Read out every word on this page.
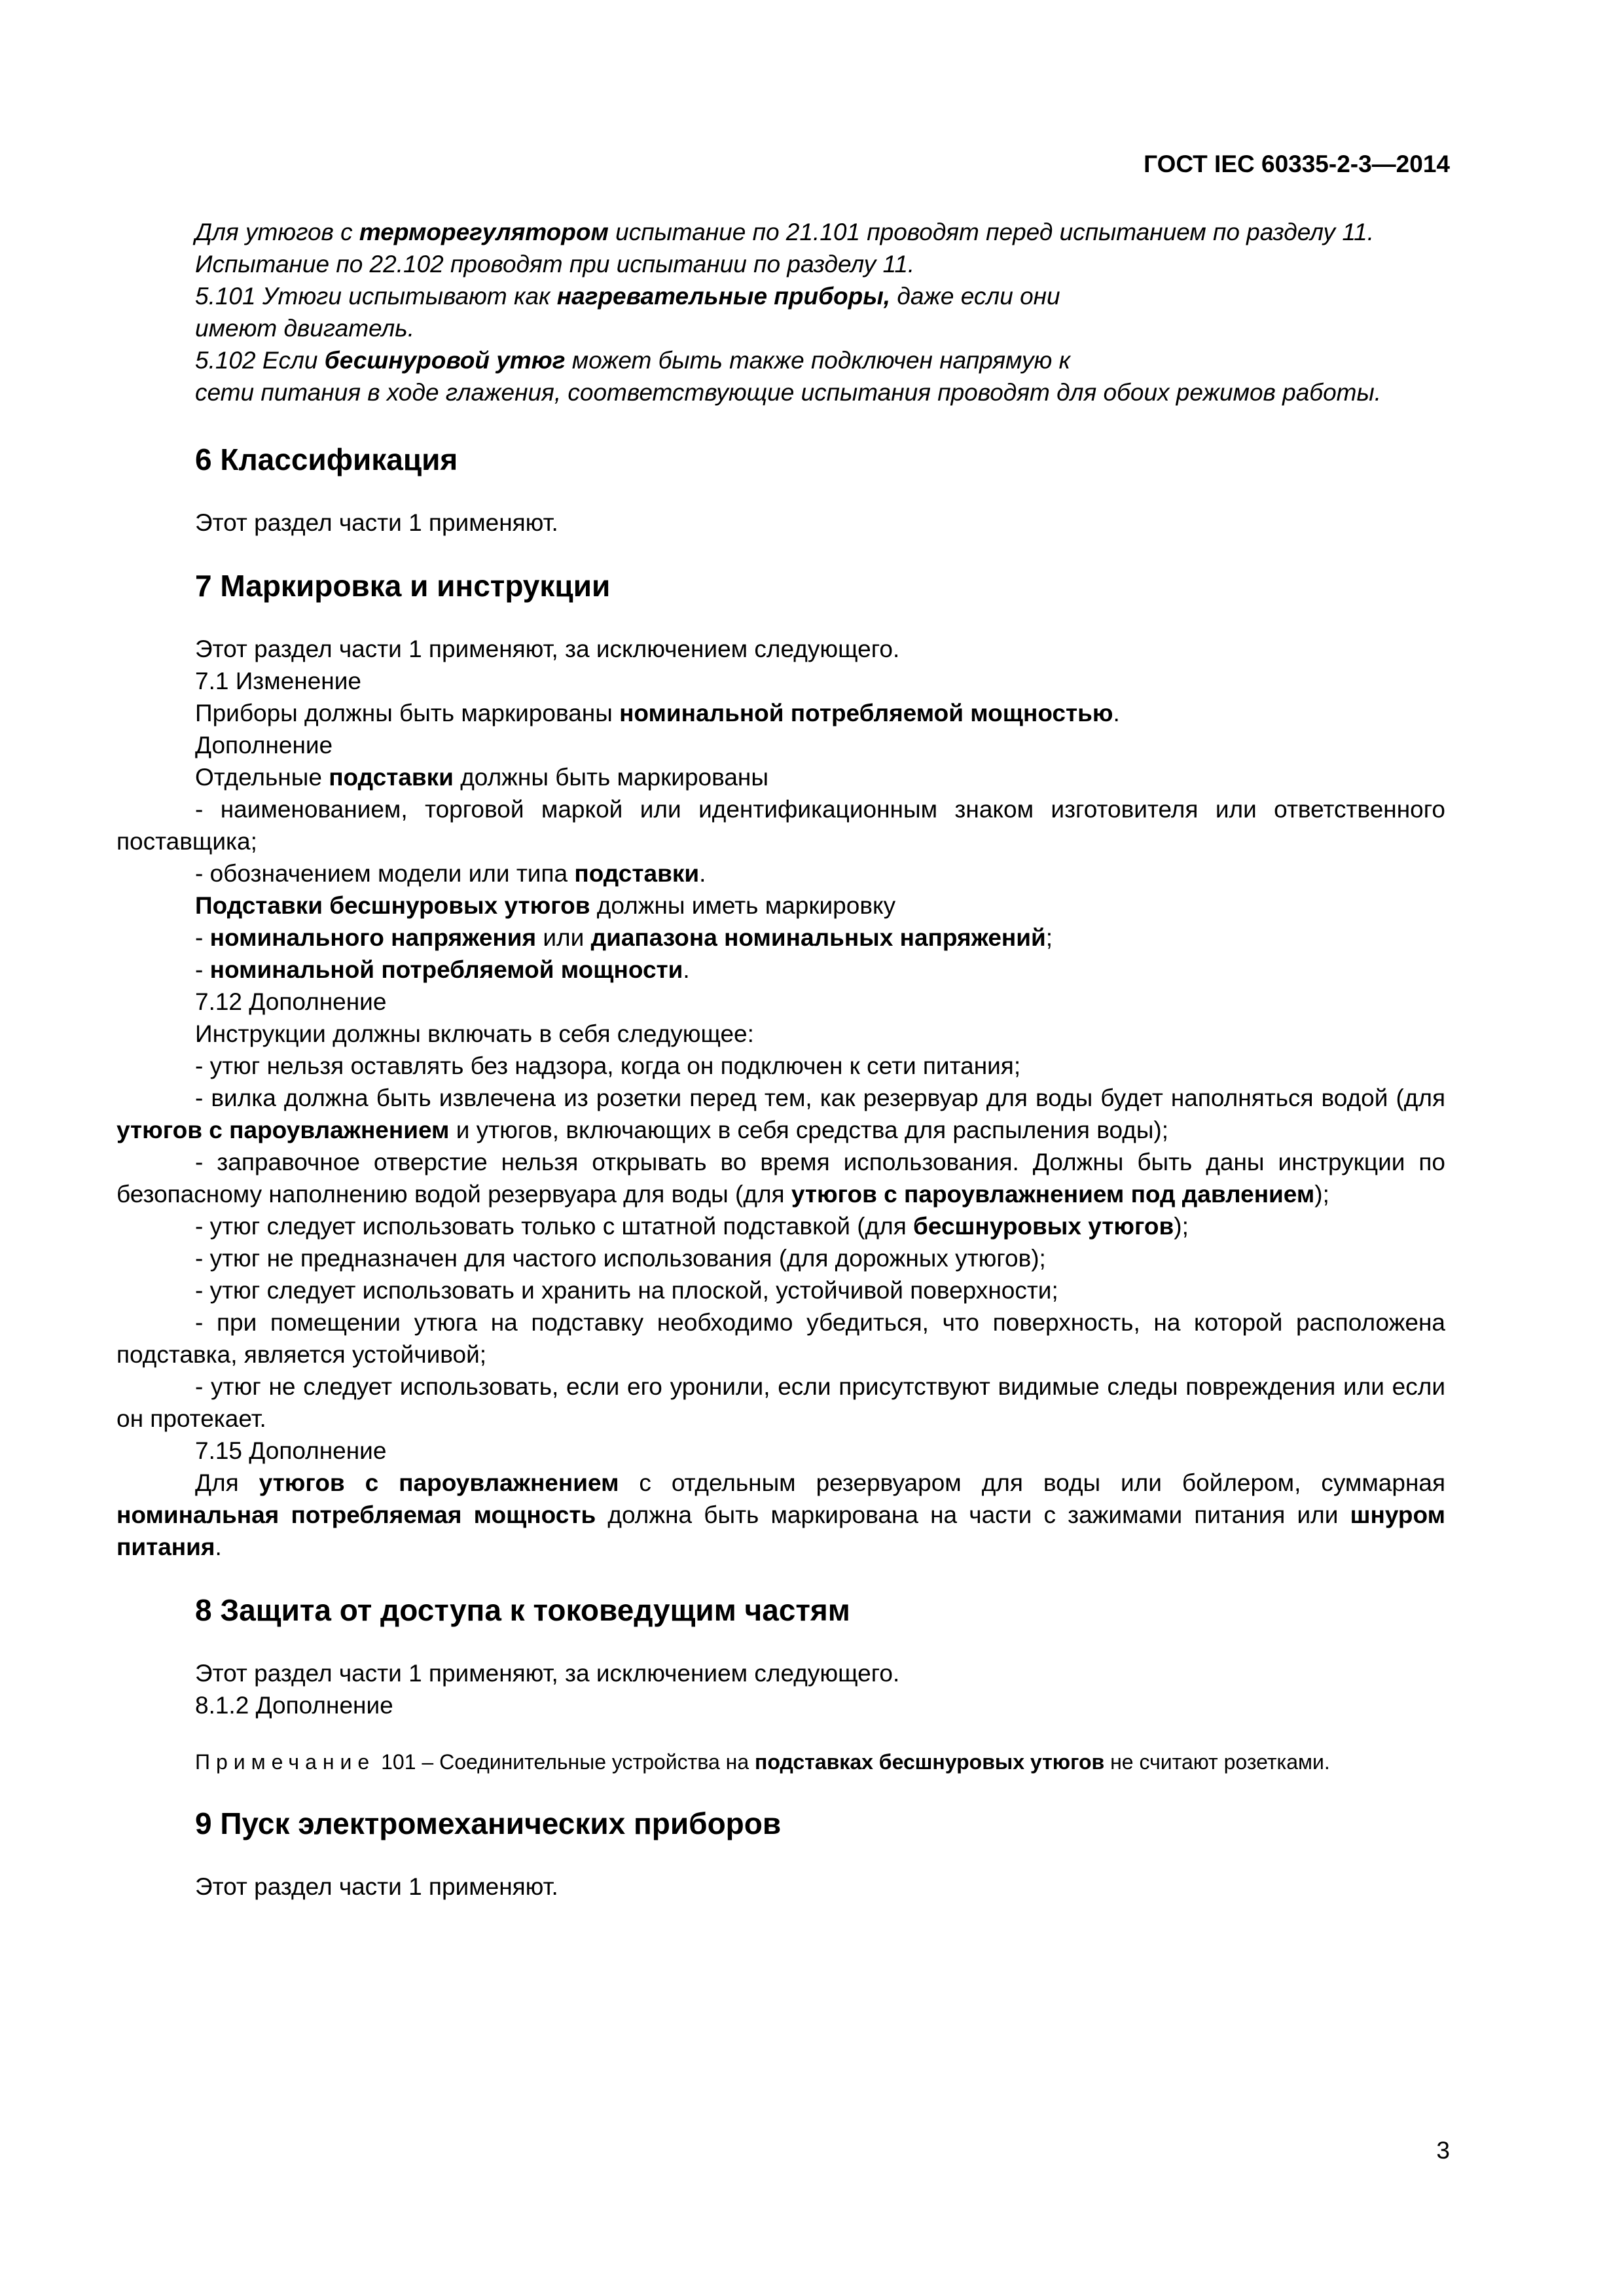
ГОСТ IEC 60335-2-3—2014

Для утюгов с терморегулятором испытание по 21.101 проводят перед испытанием по разделу 11.

Испытание по 22.102 проводят при испытании по разделу 11.

5.101 Утюги испытывают как нагревательные приборы, даже если они

имеют двигатель.

5.102 Если бесшнуровой утюг может быть также подключен напрямую к

сети питания в ходе глажения, соответствующие испытания проводят для обоих режимов работы.

6 Классификация

Этот раздел части 1 применяют.

7 Маркировка и инструкции

Этот раздел части 1 применяют, за исключением следующего.

7.1 Изменение

Приборы должны быть маркированы номинальной потребляемой мощностью.

Дополнение

Отдельные подставки должны быть маркированы

- наименованием, торговой маркой или идентификационным знаком изготовителя или ответственного поставщика;

- обозначением модели или типа подставки.

Подставки бесшнуровых утюгов должны иметь маркировку

- номинального напряжения или диапазона номинальных напряжений;

- номинальной потребляемой мощности.

7.12 Дополнение

Инструкции должны включать в себя следующее:

- утюг нельзя оставлять без надзора, когда он подключен к сети питания;

- вилка должна быть извлечена из розетки перед тем, как резервуар для воды будет наполняться водой (для утюгов с пароувлажнением и утюгов, включающих в себя средства для распыления воды);

- заправочное отверстие нельзя открывать во время использования. Должны быть даны инструкции по безопасному наполнению водой резервуара для воды (для утюгов с пароувлажнением под давлением);

- утюг следует использовать только с штатной подставкой (для бесшнуровых утюгов);

- утюг не предназначен для частого использования (для дорожных утюгов);

- утюг следует использовать и хранить на плоской, устойчивой поверхности;

- при помещении утюга на подставку необходимо убедиться, что поверхность, на которой расположена подставка, является устойчивой;

- утюг не следует использовать, если его уронили, если присутствуют видимые следы повреждения или если он протекает.

7.15 Дополнение

Для утюгов с пароувлажнением с отдельным резервуаром для воды или бойлером, суммарная номинальная потребляемая мощность должна быть маркирована на части с зажимами питания или шнуром питания.

8 Защита от доступа к токоведущим частям

Этот раздел части 1 применяют, за исключением следующего.

8.1.2 Дополнение

Примечание 101 – Соединительные устройства на подставках бесшнуровых утюгов не считают розетками.

9 Пуск электромеханических приборов

Этот раздел части 1 применяют.

3
